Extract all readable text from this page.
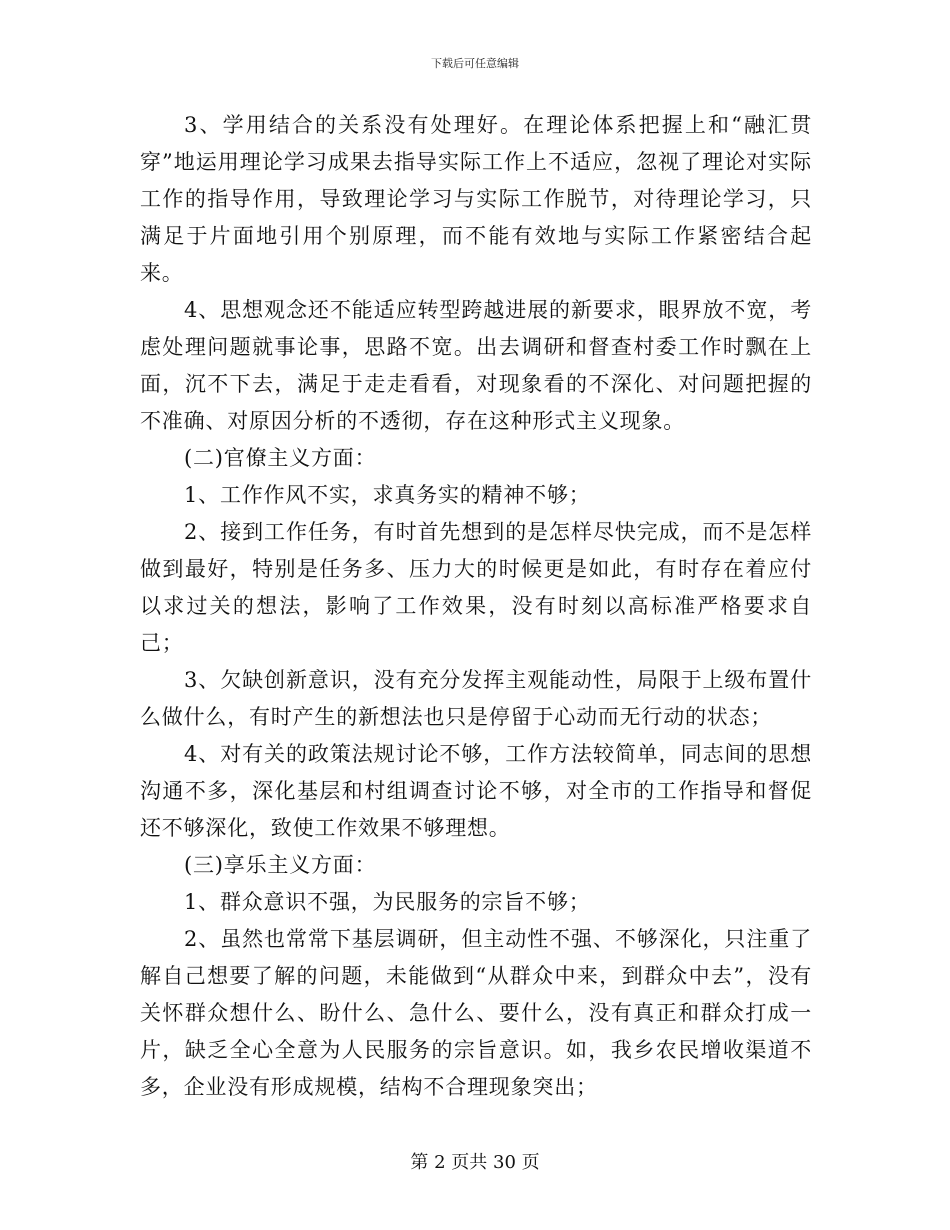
下载后可任意编辑

3、学用结合的关系没有处理好。在理论体系把握上和“融汇贯穿”地运用理论学习成果去指导实际工作上不适应，忽视了理论对实际工作的指导作用，导致理论学习与实际工作脱节，对待理论学习，只满足于片面地引用个别原理，而不能有效地与实际工作紧密结合起来。

4、思想观念还不能适应转型跨越进展的新要求，眼界放不宽，考虑处理问题就事论事，思路不宽。出去调研和督查村委工作时飘在上面，沉不下去，满足于走走看看，对现象看的不深化、对问题把握的不准确、对原因分析的不透彻，存在这种形式主义现象。

(二)官僚主义方面：

1、工作作风不实，求真务实的精神不够；

2、接到工作任务，有时首先想到的是怎样尽快完成，而不是怎样做到最好，特别是任务多、压力大的时候更是如此，有时存在着应付以求过关的想法，影响了工作效果，没有时刻以高标准严格要求自己；

3、欠缺创新意识，没有充分发挥主观能动性，局限于上级布置什么做什么，有时产生的新想法也只是停留于心动而无行动的状态；

4、对有关的政策法规讨论不够，工作方法较简单，同志间的思想沟通不多，深化基层和村组调查讨论不够，对全市的工作指导和督促还不够深化，致使工作效果不够理想。

(三)享乐主义方面：

1、群众意识不强，为民服务的宗旨不够；

2、虽然也常常下基层调研，但主动性不强、不够深化，只注重了解自己想要了解的问题，未能做到“从群众中来，到群众中去”，没有关怀群众想什么、盼什么、急什么、要什么，没有真正和群众打成一片，缺乏全心全意为人民服务的宗旨意识。如，我乡农民增收渠道不多，企业没有形成规模，结构不合理现象突出；

第 2 页共 30 页
